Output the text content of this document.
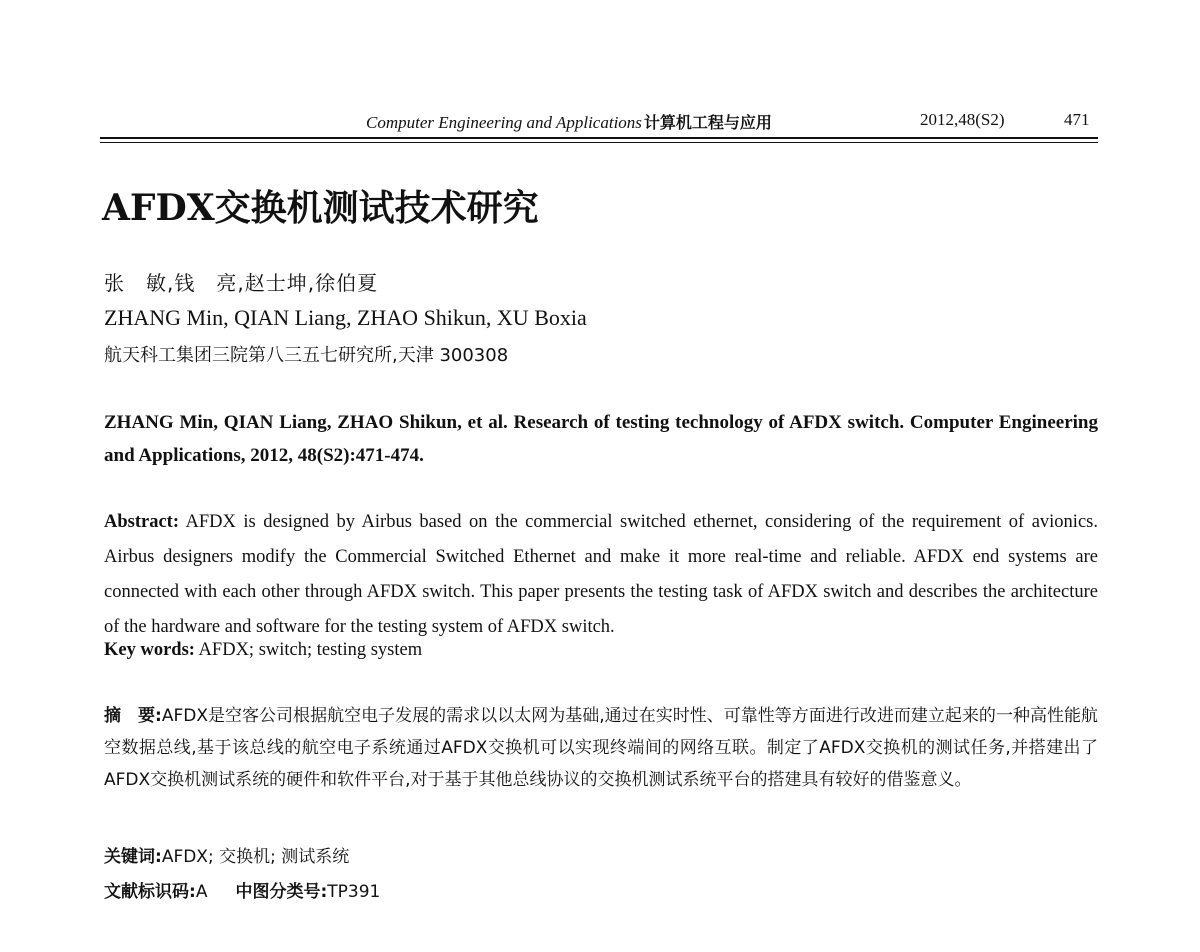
Computer Engineering and Applications 计算机工程与应用	2012,48(S2)	471
AFDX交换机测试技术研究
张　敏,钱　亮,赵士坤,徐伯夏
ZHANG Min, QIAN Liang, ZHAO Shikun, XU Boxia
航天科工集团三院第八三五七研究所,天津 300308

ZHANG Min, QIAN Liang, ZHAO Shikun, et al. Research of testing technology of AFDX switch. Computer Engineering and Applications, 2012, 48(S2):471-474.

Abstract: AFDX is designed by Airbus based on the commercial switched ethernet, considering of the requirement of avionics. Airbus designers modify the Commercial Switched Ethernet and make it more real-time and reliable. AFDX end systems are connected with each other through AFDX switch. This paper presents the testing task of AFDX switch and describes the architecture of the hardware and software for the testing system of AFDX switch.

Key words: AFDX; switch; testing system

摘　要:AFDX是空客公司根据航空电子发展的需求以以太网为基础,通过在实时性、可靠性等方面进行改进而建立起来的一种高性能航空数据总线,基于该总线的航空电子系统通过AFDX交换机可以实现终端间的网络互联。制定了AFDX交换机的测试任务,并搭建出了AFDX交换机测试系统的硬件和软件平台,对于基于其他总线协议的交换机测试系统平台的搭建具有较好的借鉴意义。

关键词:AFDX; 交换机; 测试系统
文献标识码:A 中图分类号:TP391
